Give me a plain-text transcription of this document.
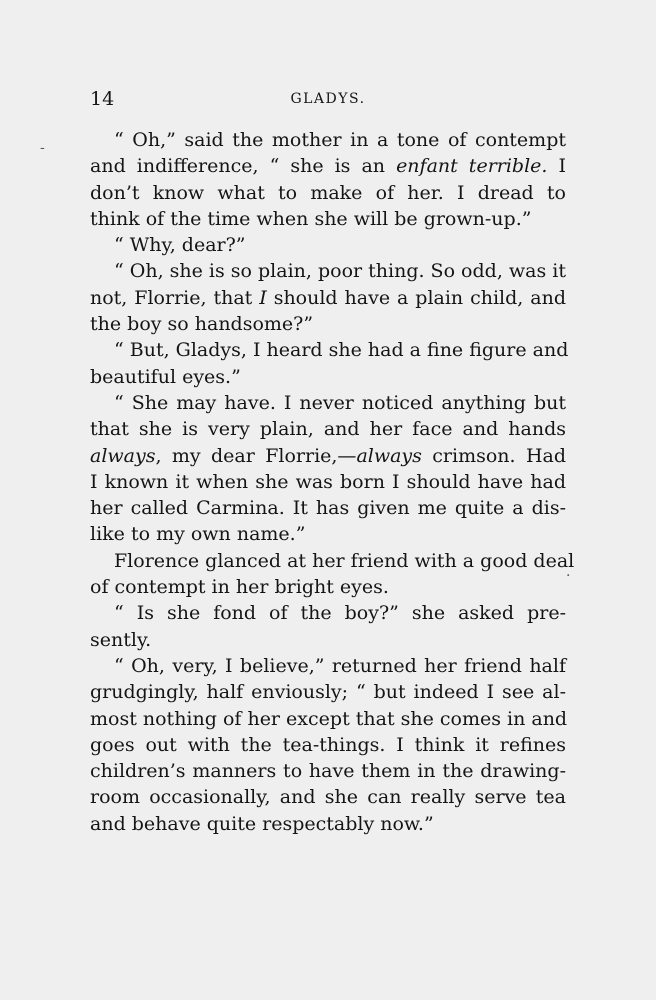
14	GLADYS.
‐
·
“ Oh,” said the mother in a tone of contempt
and indifference, “ she is an enfant terrible. I
don’t know what to make of her. I dread to
think of the time when she will be grown-up.”
“ Why, dear?”
“ Oh, she is so plain, poor thing. So odd, was it
not, Florrie, that I should have a plain child, and
the boy so handsome?”
“ But, Gladys, I heard she had a fine figure and
beautiful eyes.”
“ She may have. I never noticed anything but
that she is very plain, and her face and hands
always, my dear Florrie,—always crimson. Had
I known it when she was born I should have had
her called Carmina. It has given me quite a dis-
like to my own name.”
Florence glanced at her friend with a good deal
of contempt in her bright eyes.
“ Is she fond of the boy?” she asked pre-
sently.
“ Oh, very, I believe,” returned her friend half
grudgingly, half enviously; “ but indeed I see al-
most nothing of her except that she comes in and
goes out with the tea-things. I think it refines
children’s manners to have them in the drawing-
room occasionally, and she can really serve tea
and behave quite respectably now.”
